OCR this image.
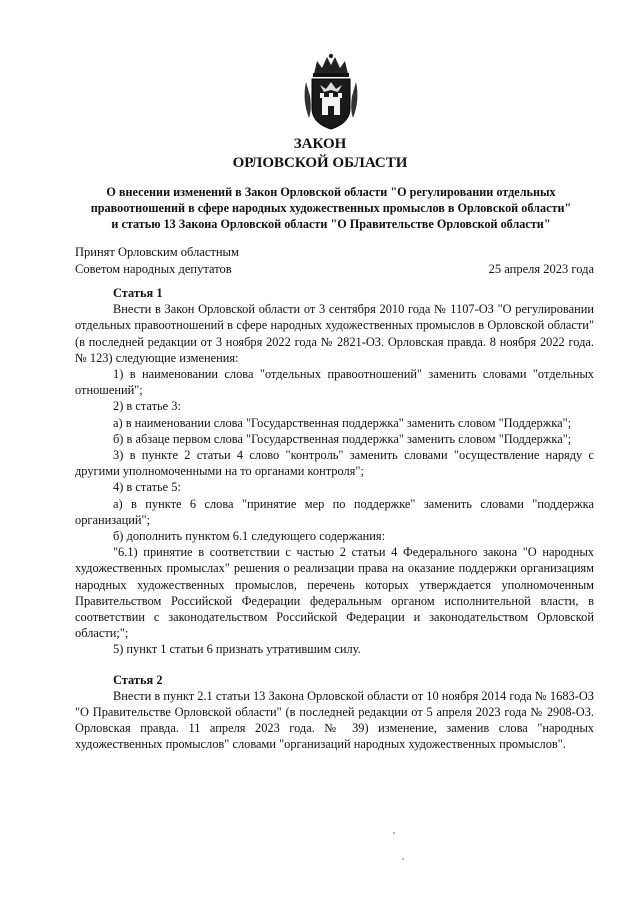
ЗАКОН
ОРЛОВСКОЙ ОБЛАСТИ
О внесении изменений в Закон Орловской области "О регулировании отдельных
правоотношений в сфере народных художественных промыслов в Орловской области"
и статью 13 Закона Орловской области "О Правительстве Орловской области"
Принят Орловским областным
Советом народных депутатов	25 апреля 2023 года

Статья 1

Внести в Закон Орловской области от 3 сентября 2010 года № 1107-ОЗ "О регулировании отдельных правоотношений в сфере народных художественных промыслов в Орловской области" (в последней редакции от 3 ноября 2022 года № 2821-ОЗ. Орловская правда. 8 ноября 2022 года. № 123) следующие изменения:

1) в наименовании слова "отдельных правоотношений" заменить словами "отдельных отношений";

2) в статье 3:

а) в наименовании слова "Государственная поддержка" заменить словом "Поддержка";

б) в абзаце первом слова "Государственная поддержка" заменить словом "Поддержка";

3) в пункте 2 статьи 4 слово "контроль" заменить словами "осуществление наряду с другими уполномоченными на то органами контроля";

4) в статье 5:

а) в пункте 6 слова "принятие мер по поддержке" заменить словами "поддержка организаций";

б) дополнить пунктом 6.1 следующего содержания:

"6.1) принятие в соответствии с частью 2 статьи 4 Федерального закона "О народных художественных промыслах" решения о реализации права на оказание поддержки организациям народных художественных промыслов, перечень которых утверждается уполномоченным Правительством Российской Федерации федеральным органом исполнительной власти, в соответствии с законодательством Российской Федерации и законодательством Орловской области;";

5) пункт 1 статьи 6 признать утратившим силу.

Статья 2

Внести в пункт 2.1 статьи 13 Закона Орловской области от 10 ноября 2014 года № 1683-ОЗ "О Правительстве Орловской области" (в последней редакции от 5 апреля 2023 года № 2908-ОЗ. Орловская правда. 11 апреля 2023 года. № 39) изменение, заменив слова "народных художественных промыслов" словами "организаций народных художественных промыслов".
